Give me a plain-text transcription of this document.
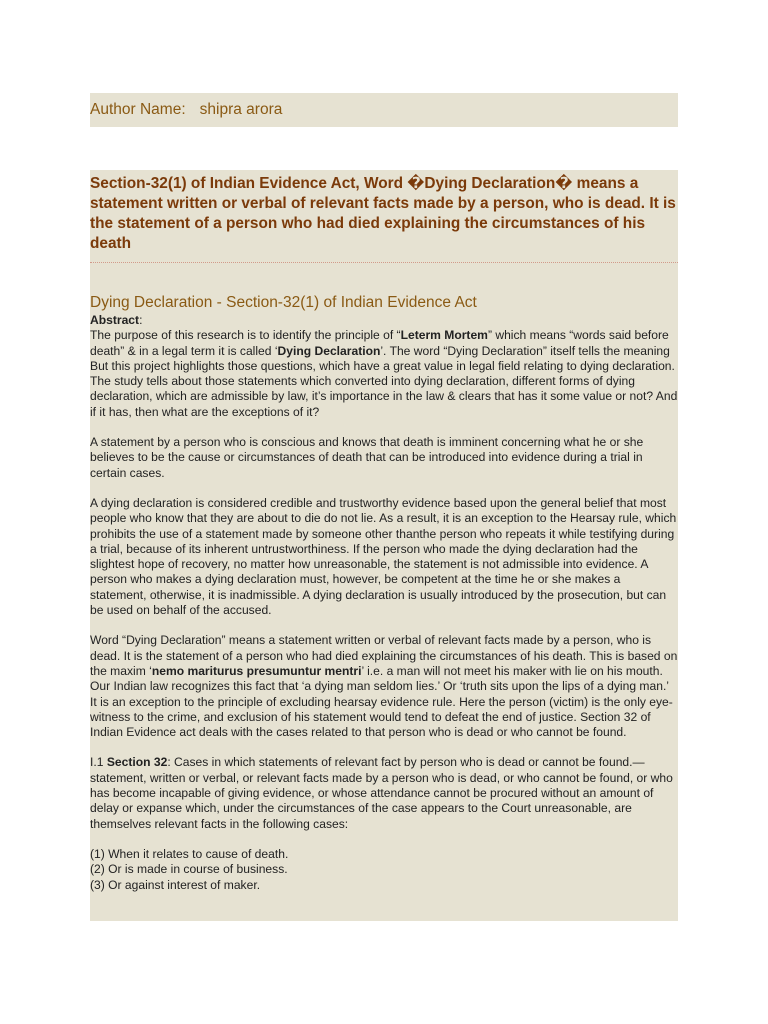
Author Name: shipra arora
Section-32(1) of Indian Evidence Act, Word �Dying Declaration� means a statement written or verbal of relevant facts made by a person, who is dead. It is the statement of a person who had died explaining the circumstances of his death
Dying Declaration - Section-32(1) of Indian Evidence Act
Abstract:

The purpose of this research is to identify the principle of “Leterm Mortem” which means “words said before death” & in a legal term it is called ‘Dying Declaration’. The word “Dying Declaration” itself tells the meaning But this project highlights those questions, which have a great value in legal field relating to dying declaration. The study tells about those statements which converted into dying declaration, different forms of dying declaration, which are admissible by law, it’s importance in the law & clears that has it some value or not? And if it has, then what are the exceptions of it?

A statement by a person who is conscious and knows that death is imminent concerning what he or she believes to be the cause or circumstances of death that can be introduced into evidence during a trial in certain cases.

A dying declaration is considered credible and trustworthy evidence based upon the general belief that most people who know that they are about to die do not lie. As a result, it is an exception to the Hearsay rule, which prohibits the use of a statement made by someone other thanthe person who repeats it while testifying during a trial, because of its inherent untrustworthiness. If the person who made the dying declaration had the slightest hope of recovery, no matter how unreasonable, the statement is not admissible into evidence. A person who makes a dying declaration must, however, be competent at the time he or she makes a statement, otherwise, it is inadmissible. A dying declaration is usually introduced by the prosecution, but can be used on behalf of the accused.

Word “Dying Declaration” means a statement written or verbal of relevant facts made by a person, who is dead. It is the statement of a person who had died explaining the circumstances of his death. This is based on the maxim ‘nemo mariturus presumuntur mentri’ i.e. a man will not meet his maker with lie on his mouth. Our Indian law recognizes this fact that ‘a dying man seldom lies.’ Or ‘truth sits upon the lips of a dying man.’ It is an exception to the principle of excluding hearsay evidence rule. Here the person (victim) is the only eye-witness to the crime, and exclusion of his statement would tend to defeat the end of justice. Section 32 of Indian Evidence act deals with the cases related to that person who is dead or who cannot be found.

I.1 Section 32: Cases in which statements of relevant fact by person who is dead or cannot be found.—statement, written or verbal, or relevant facts made by a person who is dead, or who cannot be found, or who has become incapable of giving evidence, or whose attendance cannot be procured without an amount of delay or expanse which, under the circumstances of the case appears to the Court unreasonable, are themselves relevant facts in the following cases:

(1) When it relates to cause of death.
(2) Or is made in course of business.
(3) Or against interest of maker.
